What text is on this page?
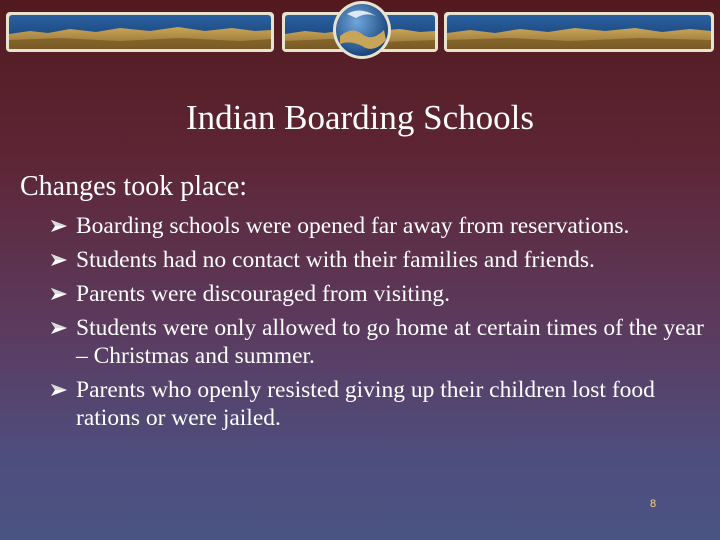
Indian Boarding Schools
Changes took place:
Boarding schools were opened far away from reservations.
Students had no contact with their families and friends.
Parents were discouraged from visiting.
Students were only allowed to go home at certain times of the year – Christmas and summer.
Parents who openly resisted giving up their children lost food rations or were jailed.
8
